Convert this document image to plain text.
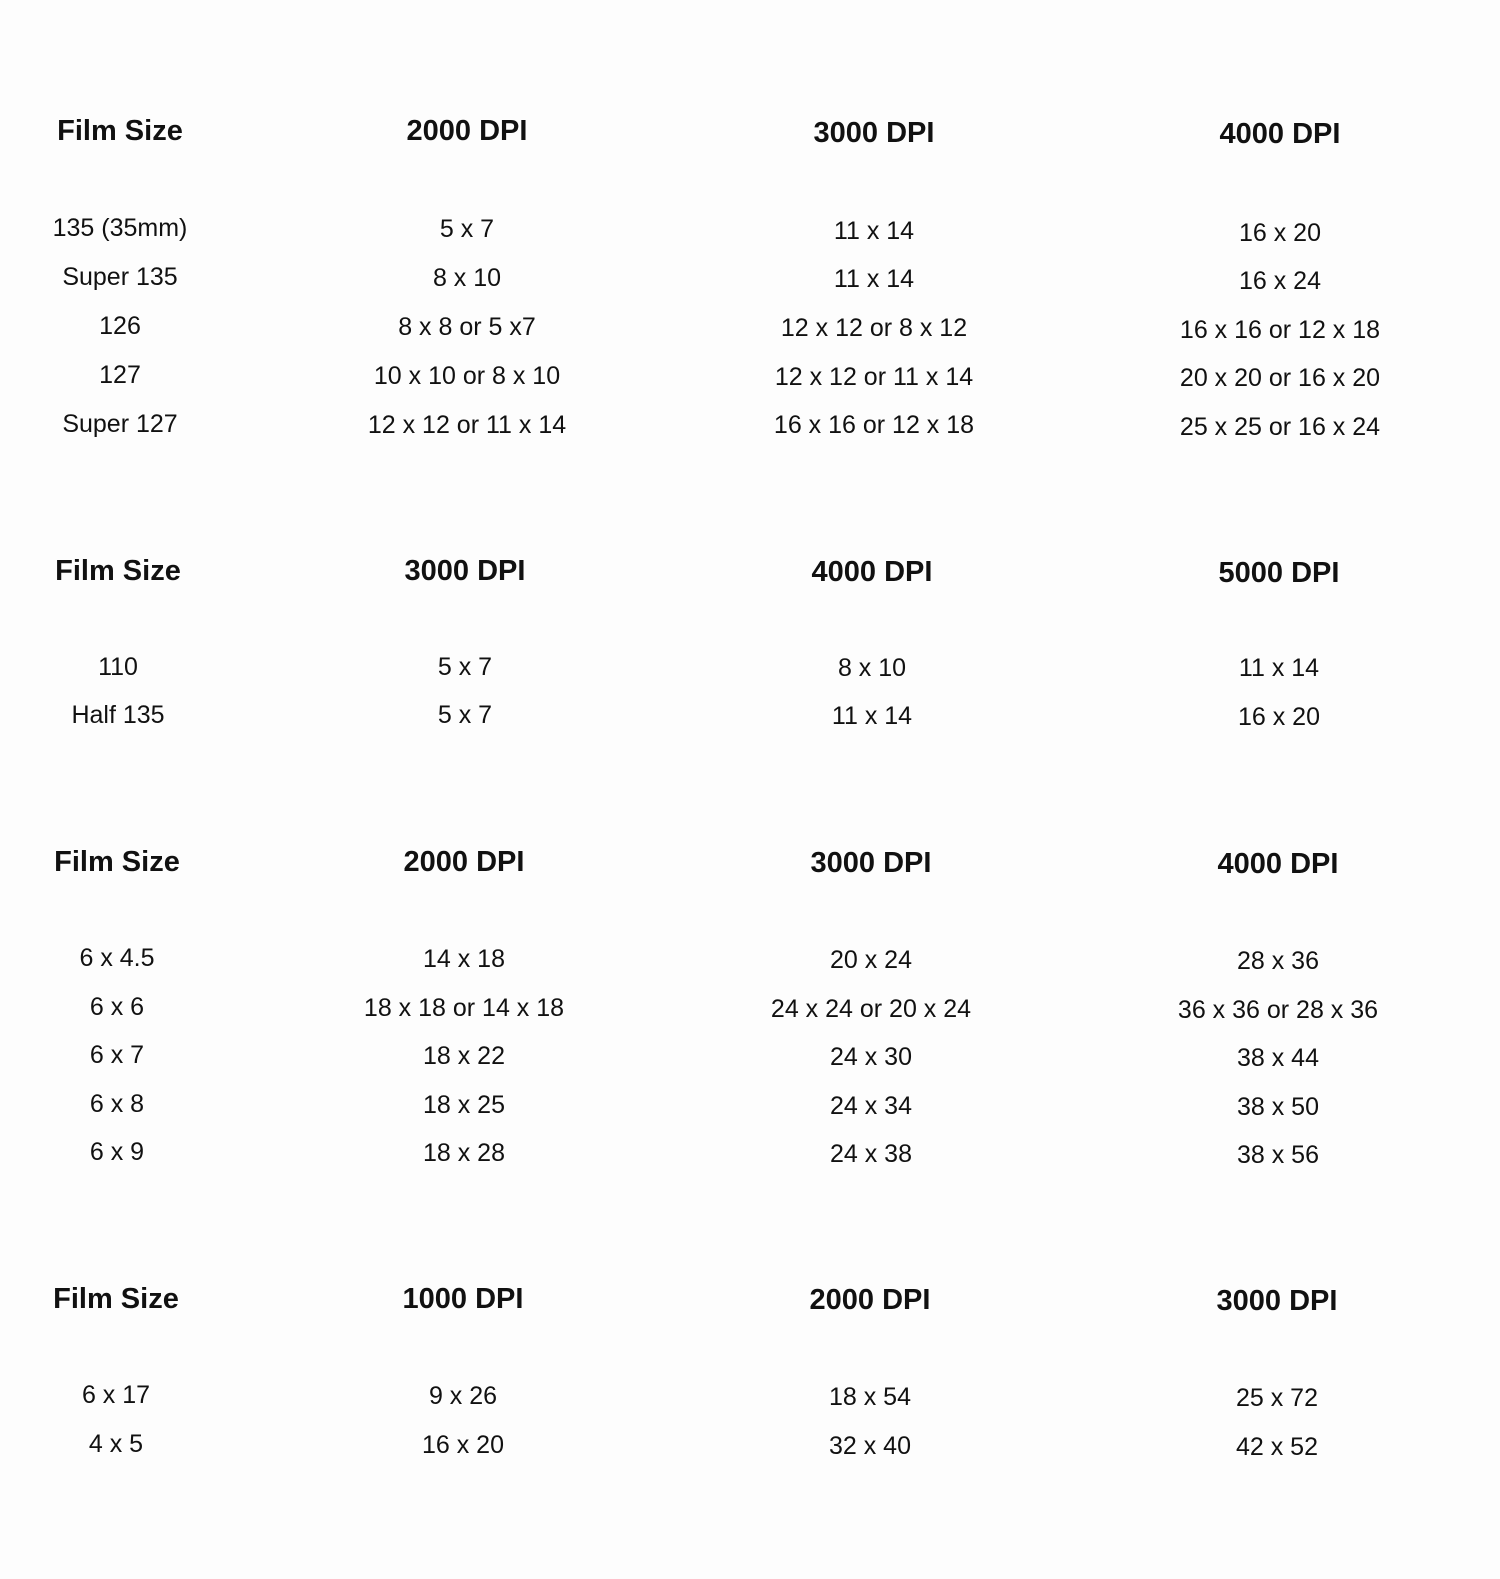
Film Size
135 (35mm)
Super 135
126
127
Super 127
2000 DPI
5 x 7
8 x 10
8 x 8 or 5 x7
10 x 10 or 8 x 10
12 x 12 or 11 x 14
3000 DPI
11 x 14
11 x 14
12 x 12 or 8 x 12
12 x 12 or 11 x 14
16 x 16 or 12 x 18
4000 DPI
16 x 20
16 x 24
16 x 16 or 12 x 18
20 x 20 or 16 x 20
25 x 25 or 16 x 24
Film Size
110
Half 135
3000 DPI
5 x 7
5 x 7
4000 DPI
8 x 10
11 x 14
5000 DPI
11 x 14
16 x 20
Film Size
6 x 4.5
6 x 6
6 x 7
6 x 8
6 x 9
2000 DPI
14 x 18
18 x 18 or 14 x 18
18 x 22
18 x 25
18 x 28
3000 DPI
20 x 24
24 x 24 or 20 x 24
24 x 30
24 x 34
24 x 38
4000 DPI
28 x 36
36 x 36 or 28 x 36
38 x 44
38 x 50
38 x 56
Film Size
6 x 17
4 x 5
1000 DPI
9 x 26
16 x 20
2000 DPI
18 x 54
32 x 40
3000 DPI
25 x 72
42 x 52
